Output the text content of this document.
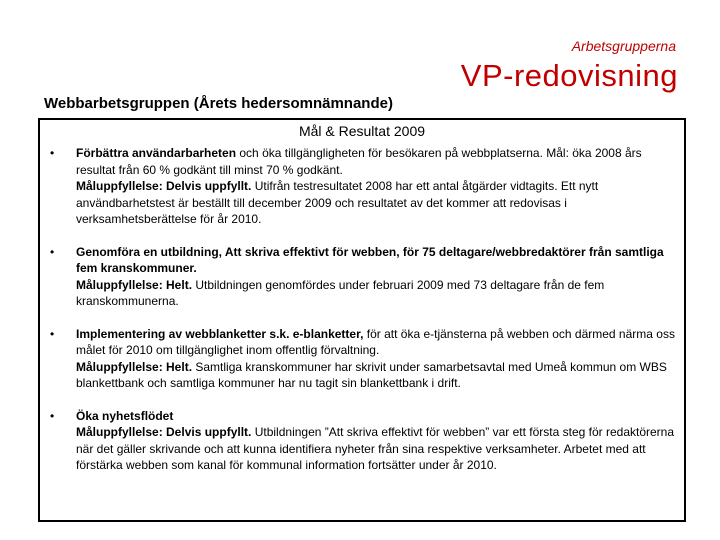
Arbetsgrupperna
VP-redovisning
Webbarbetsgruppen (Årets hedersomnämnande)
Mål & Resultat 2009
• Förbättra användarbarheten och öka tillgängligheten för besökaren på webbplatserna. Mål: öka 2008 års resultat från 60 % godkänt till minst 70 % godkänt.
Måluppfyllelse: Delvis uppfyllt. Utifrån testresultatet 2008 har ett antal åtgärder vidtagits. Ett nytt användbarhetstest är beställt till december 2009 och resultatet av det kommer att redovisas i verksamhetsberättelse för år 2010.
• Genomföra en utbildning, Att skriva effektivt för webben, för 75 deltagare/webbredaktörer från samtliga fem kranskommuner.
Måluppfyllelse: Helt. Utbildningen genomfördes under februari 2009 med 73 deltagare från de fem kranskommunerna.
• Implementering av webblanketter s.k. e-blanketter, för att öka e-tjänsterna på webben och därmed närma oss målet för 2010 om tillgänglighet inom offentlig förvaltning.
Måluppfyllelse: Helt. Samtliga kranskommuner har skrivit under samarbetsavtal med Umeå kommun om WBS blankettbank och samtliga kommuner har nu tagit sin blankettbank i drift.
• Öka nyhetsflödet
Måluppfyllelse: Delvis uppfyllt. Utbildningen ”Att skriva effektivt för webben” var ett första steg för redaktörerna när det gäller skrivande och att kunna identifiera nyheter från sina respektive verksamheter. Arbetet med att förstärka webben som kanal för kommunal information fortsätter under år 2010.
